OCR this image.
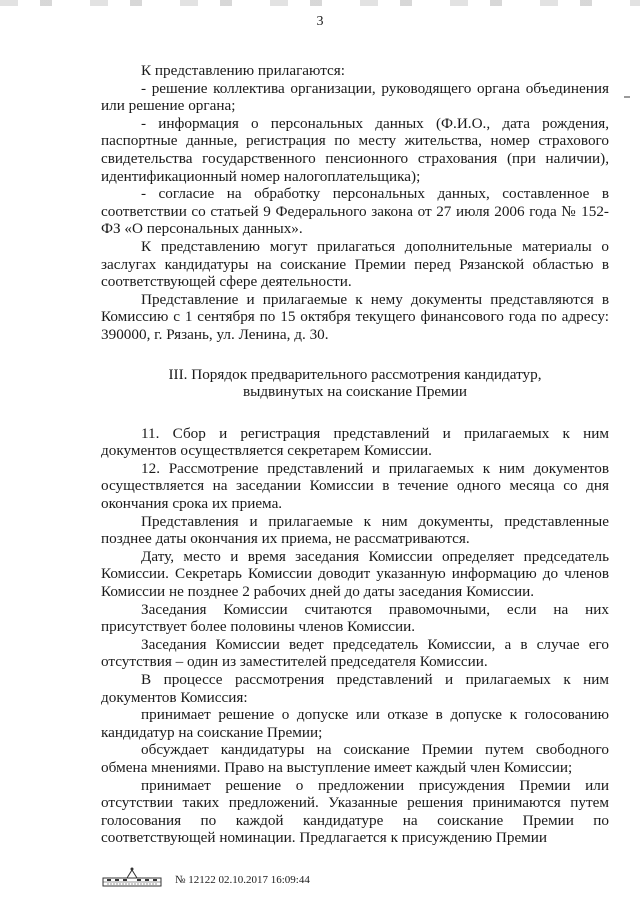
3

К представлению прилагаются:

- решение коллектива организации, руководящего органа объединения или решение органа;

- информация о персональных данных (Ф.И.О., дата рождения, паспортные данные, регистрация по месту жительства, номер страхового свидетельства государственного пенсионного страхования (при наличии), идентификационный номер налогоплательщика);

- согласие на обработку персональных данных, составленное в соответствии со статьей 9 Федерального закона от 27 июля 2006 года № 152-ФЗ «О персональных данных».

К представлению могут прилагаться дополнительные материалы о заслугах кандидатуры на соискание Премии перед Рязанской областью в соответствующей сфере деятельности.

Представление и прилагаемые к нему документы представляются в Комиссию с 1 сентября по 15 октября текущего финансового года по адресу: 390000, г. Рязань, ул. Ленина, д. 30.

III. Порядок предварительного рассмотрения кандидатур,
выдвинутых на соискание Премии

11. Сбор и регистрация представлений и прилагаемых к ним документов осуществляется секретарем Комиссии.

12. Рассмотрение представлений и прилагаемых к ним документов осуществляется на заседании Комиссии в течение одного месяца со дня окончания срока их приема.

Представления и прилагаемые к ним документы, представленные позднее даты окончания их приема, не рассматриваются.

Дату, место и время заседания Комиссии определяет председатель Комиссии. Секретарь Комиссии доводит указанную информацию до членов Комиссии не позднее 2 рабочих дней до даты заседания Комиссии.

Заседания Комиссии считаются правомочными, если на них присутствует более половины членов Комиссии.

Заседания Комиссии ведет председатель Комиссии, а в случае его отсутствия – один из заместителей председателя Комиссии.

В процессе рассмотрения представлений и прилагаемых к ним документов Комиссия:

принимает решение о допуске или отказе в допуске к голосованию кандидатур на соискание Премии;

обсуждает кандидатуры на соискание Премии путем свободного обмена мнениями. Право на выступление имеет каждый член Комиссии;

принимает решение о предложении присуждения Премии или отсутствии таких предложений. Указанные решения принимаются путем голосования по каждой кандидатуре на соискание Премии по соответствующей номинации. Предлагается к присуждению Премии

№ 12122 02.10.2017 16:09:44
